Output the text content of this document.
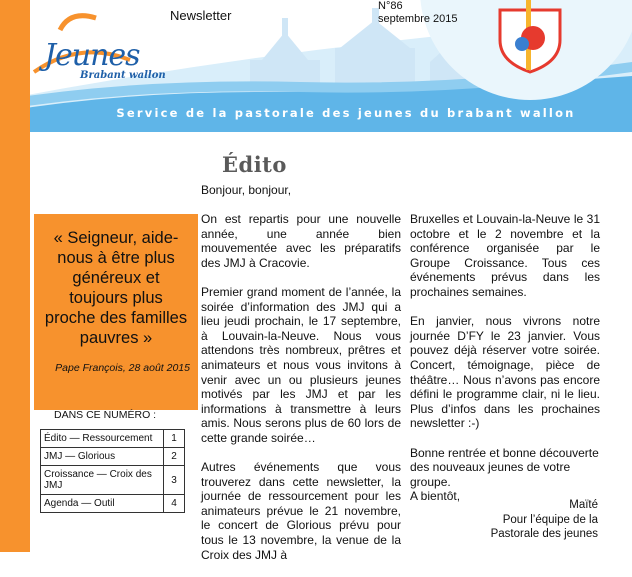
Newsletter
N°86
septembre 2015
Jeunes
Brabant wallon
Service de la pastorale des jeunes du brabant wallon
Édito
Bonjour, bonjour,

On est repartis pour une nouvelle année, une année bien mouvementée avec les préparatifs des JMJ à Cracovie.

Premier grand moment de l’année, la soirée d’information des JMJ qui a lieu jeudi prochain, le 17 septembre, à Louvain-la-Neuve. Nous vous attendons très nombreux, prêtres et animateurs et nous vous invitons à venir avec un ou plusieurs jeunes motivés par les JMJ et par les informations à transmettre à leurs amis. Nous serons plus de 60 lors de cette grande soirée…

Autres événements que vous trouverez dans cette newsletter, la journée de ressourcement pour les animateurs prévue le 21 novembre, le concert de Glorious prévu pour tous le 13 novembre, la venue de la Croix des JMJ à

Bruxelles et Louvain-la-Neuve le 31 octobre et le 2 novembre et la conférence organisée par le Groupe Croissance. Tous ces événements prévus dans les prochaines semaines.

En janvier, nous vivrons notre journée D’FY le 23 janvier. Vous pouvez déjà réserver votre soirée. Concert, témoignage, pièce de théâtre… Nous n’avons pas encore défini le programme clair, ni le lieu. Plus d’infos dans les prochaines newsletter :-)

Bonne rentrée et bonne découverte des nouveaux jeunes de votre groupe.
A bientôt,

Maïté
Pour l’équipe de la
Pastorale des jeunes
« Seigneur, aide-nous à être plus généreux et toujours plus proche des familles pauvres »
Pape François, 28 août 2015
DANS CE NUMÉRO :
Édito — Ressourcement	1
JMJ — Glorious	2
Croissance — Croix des JMJ	3
Agenda — Outil	4
